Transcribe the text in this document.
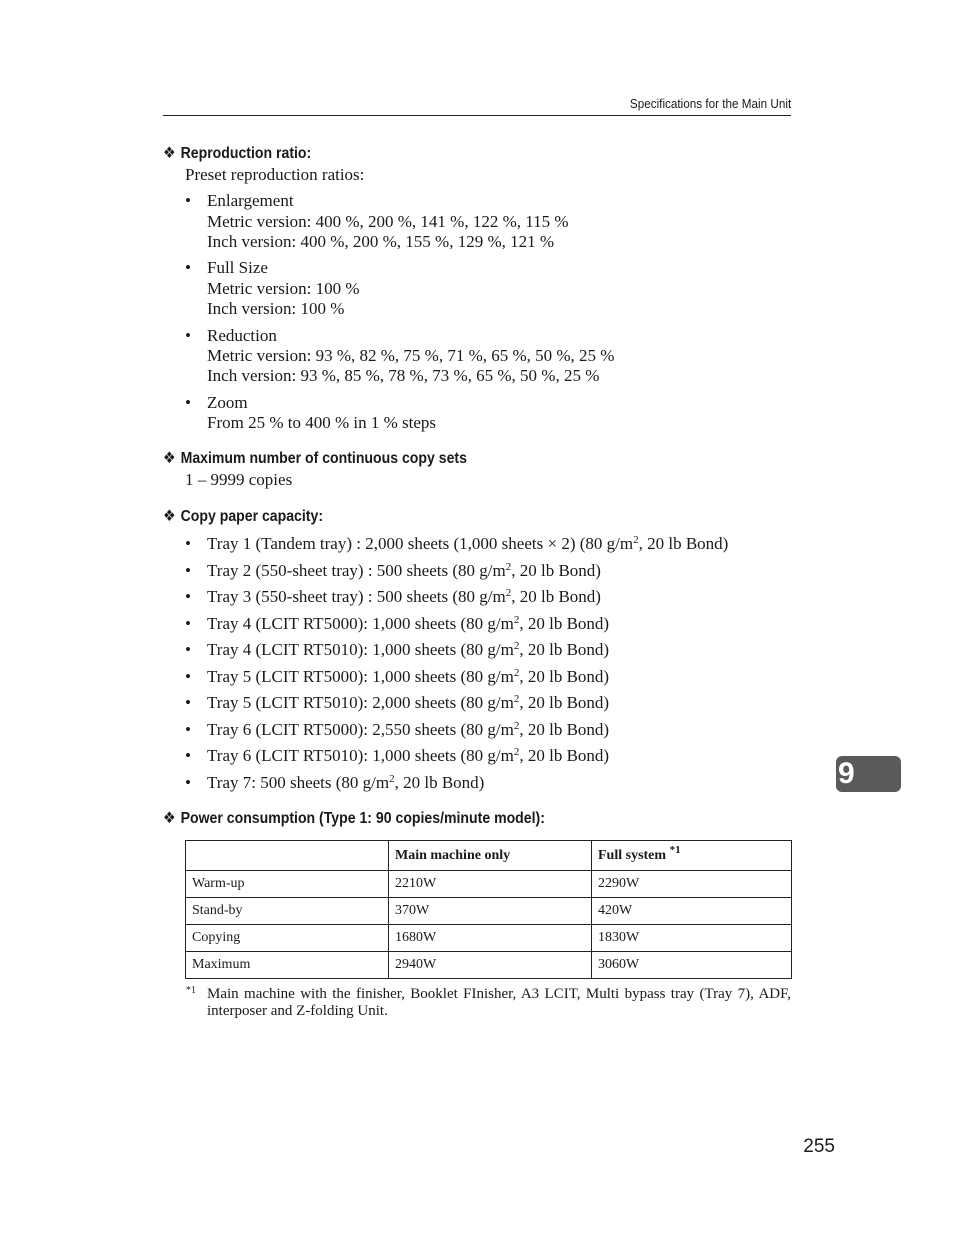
Specifications for the Main Unit
❖ Reproduction ratio:
Preset reproduction ratios:
• Enlargement
Metric version: 400 %, 200 %, 141 %, 122 %, 115 %
Inch version: 400 %, 200 %, 155 %, 129 %, 121 %
• Full Size
Metric version: 100 %
Inch version: 100 %
• Reduction
Metric version: 93 %, 82 %, 75 %, 71 %, 65 %, 50 %, 25 %
Inch version: 93 %, 85 %, 78 %, 73 %, 65 %, 50 %, 25 %
• Zoom
From 25 % to 400 % in 1 % steps
❖ Maximum number of continuous copy sets
1 – 9999 copies
❖ Copy paper capacity:
• Tray 1 (Tandem tray) : 2,000 sheets (1,000 sheets × 2) (80 $g/m^2$, 20 lb Bond)
• Tray 2 (550-sheet tray) : 500 sheets (80 $g/m^2$, 20 lb Bond)
• Tray 3 (550-sheet tray) : 500 sheets (80 $g/m^2$, 20 lb Bond)
• Tray 4 (LCIT RT5000): 1,000 sheets (80 $g/m^2$, 20 lb Bond)
• Tray 4 (LCIT RT5010): 1,000 sheets (80 $g/m^2$, 20 lb Bond)
• Tray 5 (LCIT RT5000): 1,000 sheets (80 $g/m^2$, 20 lb Bond)
• Tray 5 (LCIT RT5010): 2,000 sheets (80 $g/m^2$, 20 lb Bond)
• Tray 6 (LCIT RT5000): 2,550 sheets (80 $g/m^2$, 20 lb Bond)
• Tray 6 (LCIT RT5010): 1,000 sheets (80 $g/m^2$, 20 lb Bond)
• Tray 7: 500 sheets (80 $g/m^2$, 20 lb Bond)	9
❖ Power consumption (Type 1: 90 copies/minute model):
	Main machine only	Full system $^{*1}$
Warm-up	2210W	2290W
Stand-by	370W	420W
Copying	1680W	1830W
Maximum	2940W	3060W
*1 Main machine with the finisher, Booklet FInisher, A3 LCIT, Multi bypass tray (Tray 7), ADF, interposer and Z-folding Unit.
255
